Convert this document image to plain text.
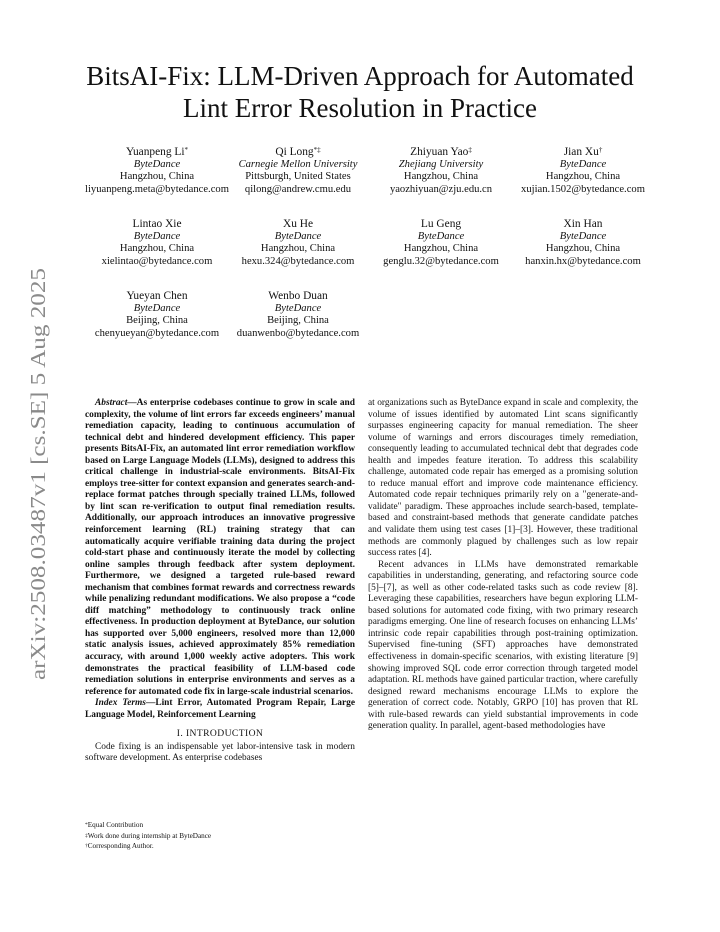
BitsAI-Fix: LLM-Driven Approach for Automated
Lint Error Resolution in Practice
arXiv:2508.03487v1 [cs.SE] 5 Aug 2025
Yuanpeng Li*
ByteDance
Hangzhou, China
liyuanpeng.meta@bytedance.com
Qi Long*‡
Carnegie Mellon University
Pittsburgh, United States
qilong@andrew.cmu.edu
Zhiyuan Yao‡
Zhejiang University
Hangzhou, China
yaozhiyuan@zju.edu.cn
Jian Xu†
ByteDance
Hangzhou, China
xujian.1502@bytedance.com
Lintao Xie
ByteDance
Hangzhou, China
xielintao@bytedance.com
Xu He
ByteDance
Hangzhou, China
hexu.324@bytedance.com
Lu Geng
ByteDance
Hangzhou, China
genglu.32@bytedance.com
Xin Han
ByteDance
Hangzhou, China
hanxin.hx@bytedance.com
Yueyan Chen
ByteDance
Beijing, China
chenyueyan@bytedance.com
Wenbo Duan
ByteDance
Beijing, China
duanwenbo@bytedance.com

Abstract—As enterprise codebases continue to grow in scale and complexity, the volume of lint errors far exceeds engineers’ manual remediation capacity, leading to continuous accumulation of technical debt and hindered development efficiency. This paper presents BitsAI-Fix, an automated lint error remediation workflow based on Large Language Models (LLMs), designed to address this critical challenge in industrial-scale environments. BitsAI-Fix employs tree-sitter for context expansion and generates search-and-replace format patches through specially trained LLMs, followed by lint scan re-verification to output final remediation results. Additionally, our approach introduces an innovative progressive reinforcement learning (RL) training strategy that can automatically acquire verifiable training data during the project cold-start phase and continuously iterate the model by collecting online samples through feedback after system deployment. Furthermore, we designed a targeted rule-based reward mechanism that combines format rewards and correctness rewards while penalizing redundant modifications. We also propose a “code diff matching” methodology to continuously track online effectiveness. In production deployment at ByteDance, our solution has supported over 5,000 engineers, resolved more than 12,000 static analysis issues, achieved approximately 85% remediation accuracy, with around 1,000 weekly active adopters. This work demonstrates the practical feasibility of LLM-based code remediation solutions in enterprise environments and serves as a reference for automated code fix in large-scale industrial scenarios.

Index Terms—Lint Error, Automated Program Repair, Large Language Model, Reinforcement Learning

I. INTRODUCTION

Code fixing is an indispensable yet labor-intensive task in modern software development. As enterprise codebases

*Equal Contribution
‡Work done during internship at ByteDance
†Corresponding Author.

at organizations such as ByteDance expand in scale and complexity, the volume of issues identified by automated Lint scans significantly surpasses engineering capacity for manual remediation. The sheer volume of warnings and errors discourages timely remediation, consequently leading to accumulated technical debt that degrades code health and impedes feature iteration. To address this scalability challenge, automated code repair has emerged as a promising solution to reduce manual effort and improve code maintenance efficiency. Automated code repair techniques primarily rely on a "generate-and-validate" paradigm. These approaches include search-based, template-based and constraint-based methods that generate candidate patches and validate them using test cases [1]–[3]. However, these traditional methods are commonly plagued by challenges such as low repair success rates [4].

Recent advances in LLMs have demonstrated remarkable capabilities in understanding, generating, and refactoring source code [5]–[7], as well as other code-related tasks such as code review [8]. Leveraging these capabilities, researchers have begun exploring LLM-based solutions for automated code fixing, with two primary research paradigms emerging. One line of research focuses on enhancing LLMs’ intrinsic code repair capabilities through post-training optimization. Supervised fine-tuning (SFT) approaches have demonstrated effectiveness in domain-specific scenarios, with existing literature [9] showing improved SQL code error correction through targeted model adaptation. RL methods have gained particular traction, where carefully designed reward mechanisms encourage LLMs to explore the generation of correct code. Notably, GRPO [10] has proven that RL with rule-based rewards can yield substantial improvements in code generation quality. In parallel, agent-based methodologies have
